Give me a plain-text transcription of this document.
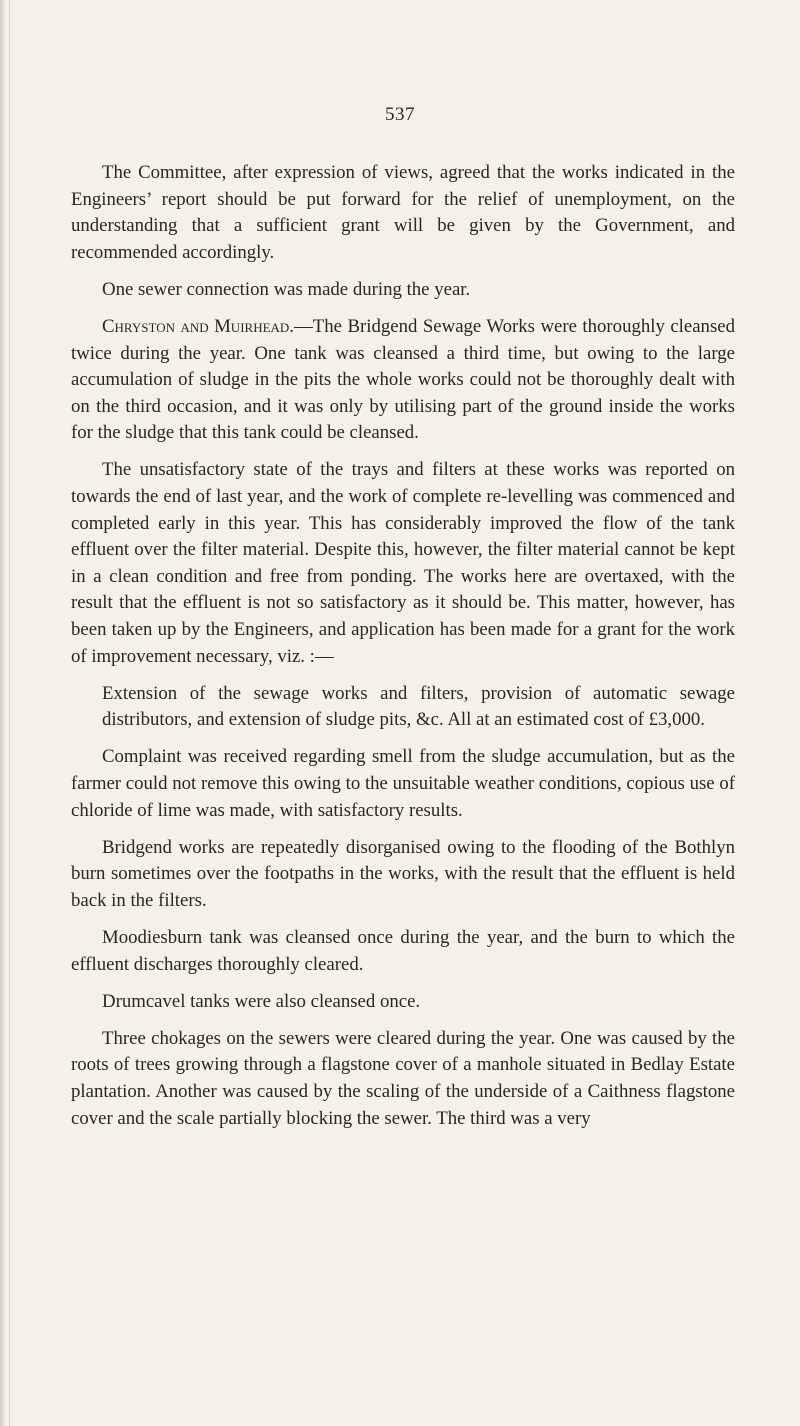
537

The Committee, after expression of views, agreed that the works indicated in the Engineers’ report should be put forward for the relief of unemployment, on the understanding that a sufficient grant will be given by the Government, and recommended accordingly.

One sewer connection was made during the year.

Chryston and Muirhead.—The Bridgend Sewage Works were thoroughly cleansed twice during the year. One tank was cleansed a third time, but owing to the large accumulation of sludge in the pits the whole works could not be thoroughly dealt with on the third occasion, and it was only by utilising part of the ground inside the works for the sludge that this tank could be cleansed.

The unsatisfactory state of the trays and filters at these works was reported on towards the end of last year, and the work of complete re-levelling was commenced and completed early in this year. This has considerably improved the flow of the tank effluent over the filter material. Despite this, however, the filter material cannot be kept in a clean condition and free from ponding. The works here are overtaxed, with the result that the effluent is not so satisfactory as it should be. This matter, however, has been taken up by the Engineers, and application has been made for a grant for the work of improvement necessary, viz. :—

Extension of the sewage works and filters, provision of automatic sewage distributors, and extension of sludge pits, &c. All at an estimated cost of £3,000.

Complaint was received regarding smell from the sludge accumulation, but as the farmer could not remove this owing to the unsuitable weather conditions, copious use of chloride of lime was made, with satisfactory results.

Bridgend works are repeatedly disorganised owing to the flooding of the Bothlyn burn sometimes over the footpaths in the works, with the result that the effluent is held back in the filters.

Moodiesburn tank was cleansed once during the year, and the burn to which the effluent discharges thoroughly cleared.

Drumcavel tanks were also cleansed once.

Three chokages on the sewers were cleared during the year. One was caused by the roots of trees growing through a flagstone cover of a manhole situated in Bedlay Estate plantation. Another was caused by the scaling of the underside of a Caithness flagstone cover and the scale partially blocking the sewer. The third was a very
